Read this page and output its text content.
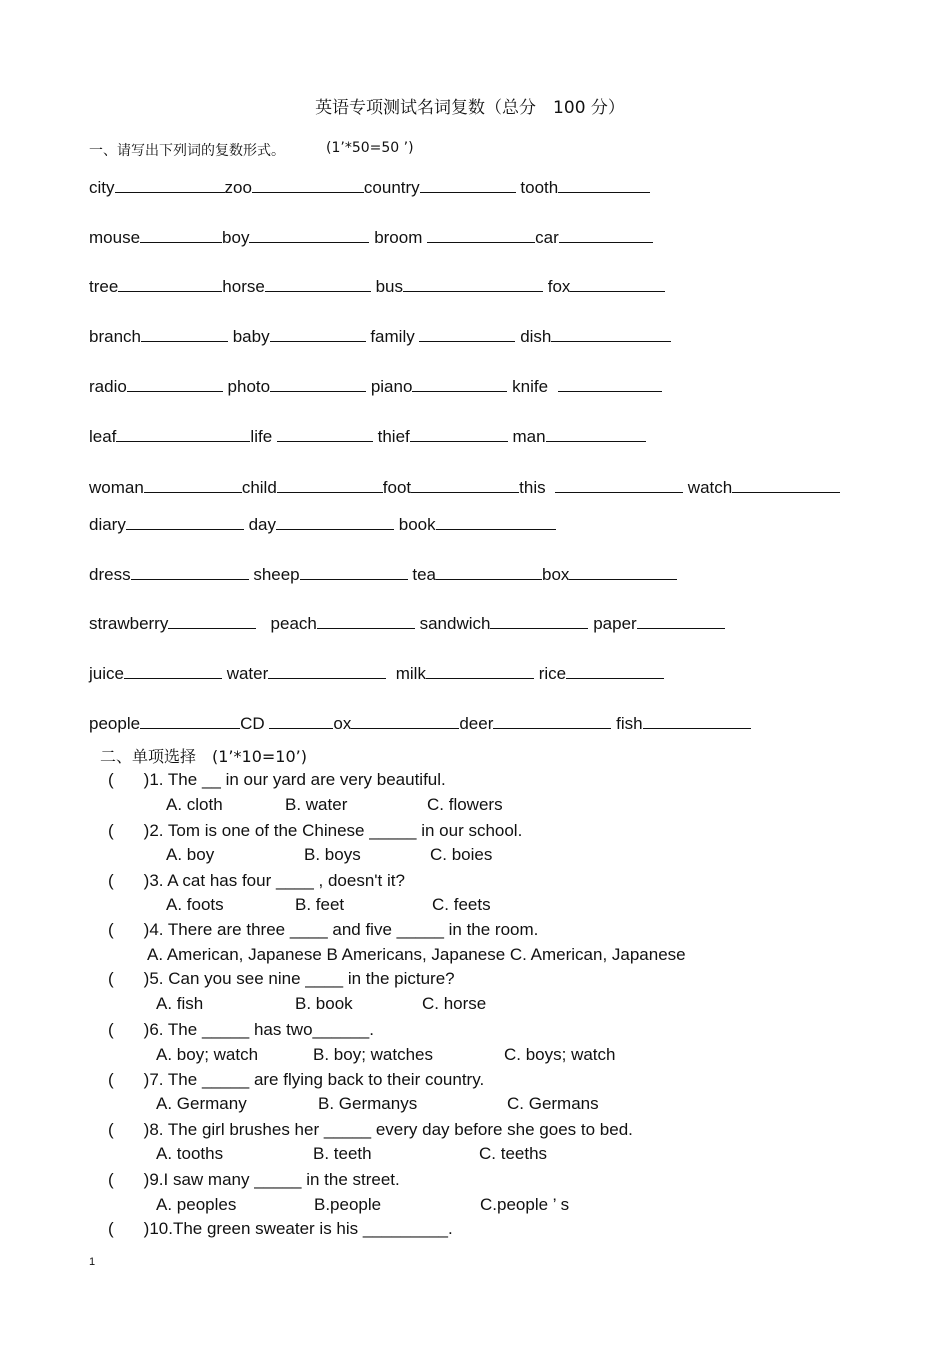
英语专项测试名词复数（总分　100 分）
一、请写出下列词的复数形式。	(1’*50=50 ’)
city	zoo	country	tooth
mouse	boy	broom	car
tree	horse	bus	fox
branch	baby	family	dish
radio	photo	piano	knife
leaf	life	thief	man
woman	child	foot	this	watch
diary	day	book
dress	sheep	tea	box
strawberry	peach	sandwich	paper
juice	water	milk	rice
people	CD	ox	deer	fish
二、单项选择　(1’*10=10’)
( )1. The __ in our yard are very beautiful.
A. cloth	B. water	C. flowers
( )2. Tom is one of the Chinese _____ in our school.
A. boy	B. boys	C. boies
( )3. A cat has four ____ , doesn't it?
A. foots	B. feet	C. feets
( )4. There are three ____ and five _____ in the room.
A. American, Japanese B Americans, Japanese C. American, Japanese
( )5. Can you see nine ____ in the picture?
A. fish	B. book	C. horse
( )6. The _____ has two______.
A. boy; watch	B. boy; watches	C. boys; watch
( )7. The _____ are flying back to their country.
A. Germany	B. Germanys	C. Germans
( )8. The girl brushes her _____ every day before she goes to bed.
A. tooths	B. teeth	C. teeths
( )9.I saw many _____ in the street.
A. peoples	B.people	C.people ’ s
( )10.The green sweater is his _________.
1
